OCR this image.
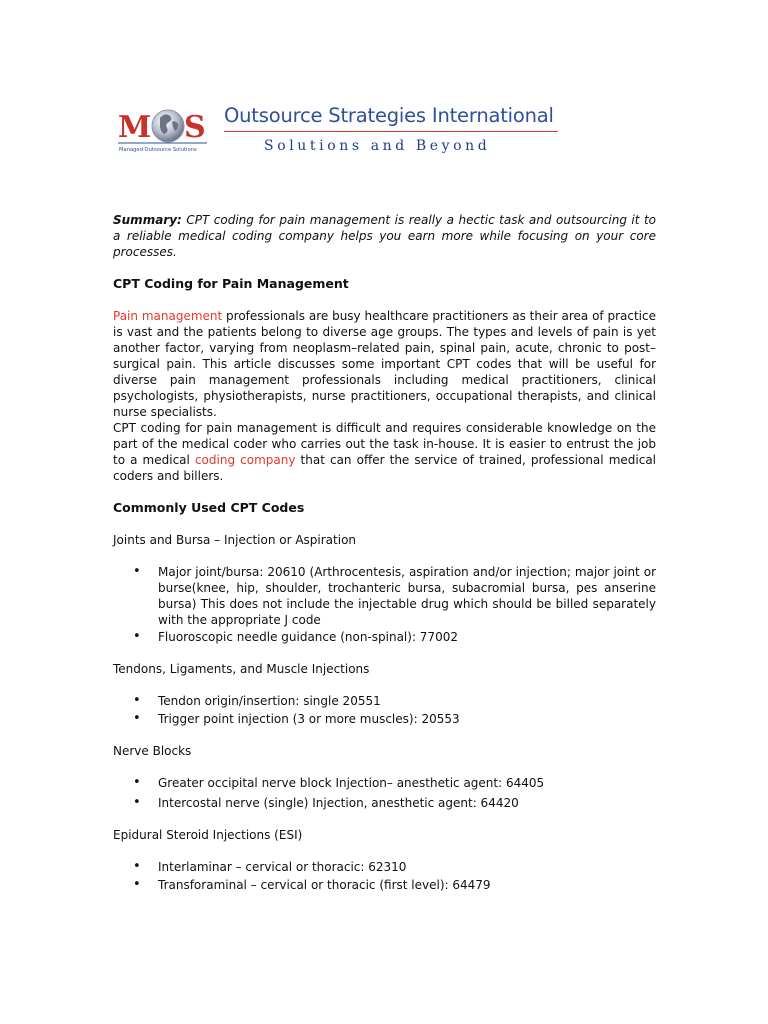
M S
Managed Outsource Solutions
Outsource Strategies International
Solutions and Beyond

Summary: CPT coding for pain management is really a hectic task and outsourcing it to a reliable medical coding company helps you earn more while focusing on your core processes.

CPT Coding for Pain Management

Pain management professionals are busy healthcare practitioners as their area of practice is vast and the patients belong to diverse age groups. The types and levels of pain is yet another factor, varying from neoplasm–related pain, spinal pain, acute, chronic to post–surgical pain. This article discusses some important CPT codes that will be useful for diverse pain management professionals including medical practitioners, clinical psychologists, physiotherapists, nurse practitioners, occupational therapists, and clinical nurse specialists.

CPT coding for pain management is difficult and requires considerable knowledge on the part of the medical coder who carries out the task in-house. It is easier to entrust the job to a medical coding company that can offer the service of trained, professional medical coders and billers.

Commonly Used CPT Codes

Joints and Bursa – Injection or Aspiration

• Major joint/bursa: 20610 (Arthrocentesis, aspiration and/or injection; major joint or burse(knee, hip, shoulder, trochanteric bursa, subacromial bursa, pes anserine bursa) This does not include the injectable drug which should be billed separately with the appropriate J code
• Fluoroscopic needle guidance (non-spinal): 77002

Tendons, Ligaments, and Muscle Injections

• Tendon origin/insertion: single 20551
• Trigger point injection (3 or more muscles): 20553

Nerve Blocks

• Greater occipital nerve block Injection– anesthetic agent: 64405
• Intercostal nerve (single) Injection, anesthetic agent: 64420

Epidural Steroid Injections (ESI)

• Interlaminar – cervical or thoracic: 62310
• Transforaminal – cervical or thoracic (first level): 64479
